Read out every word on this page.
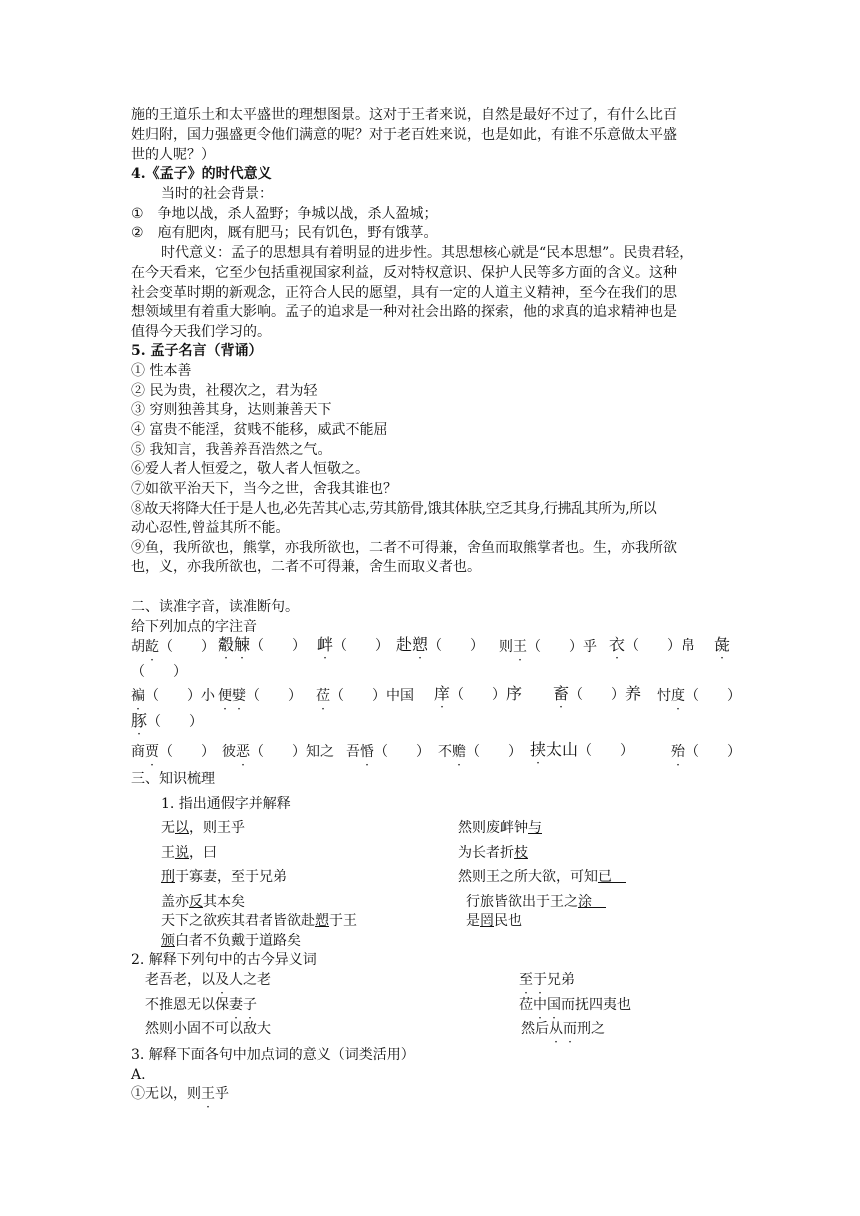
施的王道乐土和太平盛世的理想图景。这对于王者来说，自然是最好不过了，有什么比百
姓归附，国力强盛更令他们满意的呢？对于老百姓来说，也是如此，有谁不乐意做太平盛
世的人呢？）
4.《孟子》的时代意义
当时的社会背景：
① 争地以战，杀人盈野；争城以战，杀人盈城；
② 庖有肥肉，厩有肥马；民有饥色，野有饿莩。
时代意义：孟子的思想具有着明显的进步性。其思想核心就是“民本思想”。民贵君轻，
在今天看来，它至少包括重视国家利益，反对特权意识、保护人民等多方面的含义。这种
社会变革时期的新观念，正符合人民的愿望，具有一定的人道主义精神，至今在我们的思
想领域里有着重大影响。孟子的追求是一种对社会出路的探索，他的求真的追求精神也是
值得今天我们学习的。
5. 孟子名言（背诵）
① 性本善
② 民为贵，社稷次之，君为轻
③ 穷则独善其身，达则兼善天下
④ 富贵不能淫，贫贱不能移，威武不能屈
⑤ 我知言，我善养吾浩然之气。
⑥爱人者人恒爱之，敬人者人恒敬之。
⑦如欲平治天下，当今之世，舍我其谁也？
⑧故天将降大任于是人也,必先苦其心志,劳其筋骨,饿其体肤,空乏其身,行拂乱其所为,所以
动心忍性,曾益其所不能。
⑨鱼，我所欲也，熊掌，亦我所欲也，二者不可得兼，舍鱼而取熊掌者也。生，亦我所欲
也，义，亦我所欲也，二者不可得兼，舍生而取义者也。
二、读准字音，读准断句。
给下列加点的字注音
胡龁（　　） 觳觫（　　） 衅（　　） 赴愬（　　） 则王（　　）乎 衣（　　）帛 彘
（　　）
褊（　　）小 便嬖（　　） 莅（　　）中国 庠（　　）序 畜（　　）养 忖度（　　）
豚（　　）
商贾（　　） 彼恶（　　）知之 吾惛（　　） 不赡（　　） 挟太山（　　）	殆（　　）
三、知识梳理
1. 指出通假字并解释
无以，则王乎
王说，曰
刑于寡妻，至于兄弟
盖亦反其本矣
天下之欲疾其君者皆欲赴愬于王
颁白者不负戴于道路矣
然则废衅钟与
为长者折枝
然则王之所大欲，可知已　
行旅皆欲出于王之涂　
是罔民也
2. 解释下列句中的古今异义词
老吾老，以及人之老
不推恩无以保妻子
然则小固不可以敌大
至于兄弟
莅中国而抚四夷也
然后从而刑之
3. 解释下面各句中加点词的意义（词类活用）
A.
①无以，则王乎
